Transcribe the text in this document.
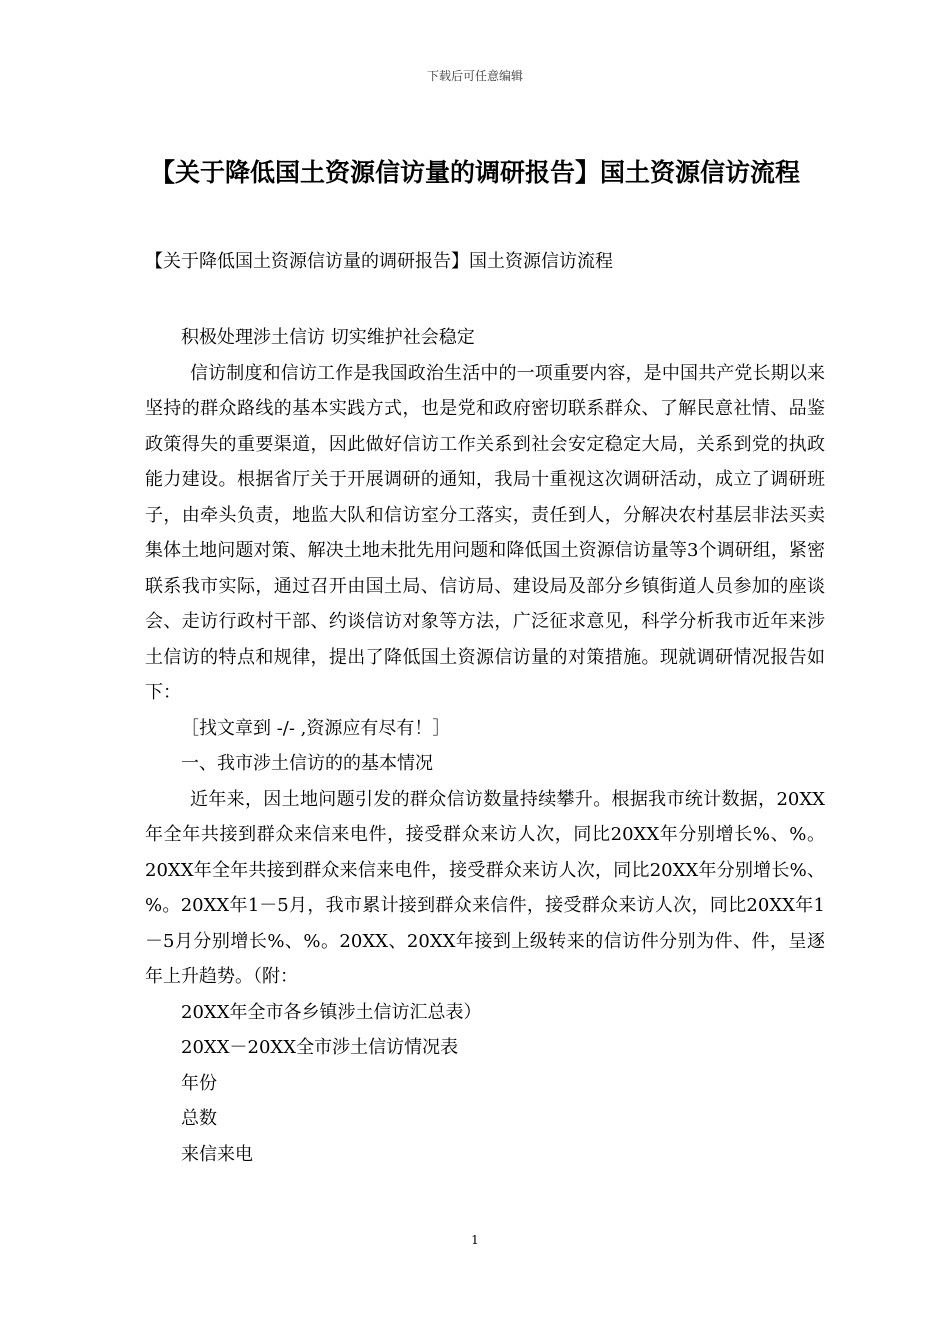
下载后可任意编辑
【关于降低国土资源信访量的调研报告】国土资源信访流程
【关于降低国土资源信访量的调研报告】国土资源信访流程

积极处理涉土信访 切实维护社会稳定

信访制度和信访工作是我国政治生活中的一项重要内容，是中国共产党长期以来坚持的群众路线的基本实践方式，也是党和政府密切联系群众、了解民意社情、品鉴政策得失的重要渠道，因此做好信访工作关系到社会安定稳定大局，关系到党的执政能力建设。根据省厅关于开展调研的通知，我局十重视这次调研活动，成立了调研班子，由牵头负责，地监大队和信访室分工落实，责任到人，分解决农村基层非法买卖集体土地问题对策、解决土地未批先用问题和降低国土资源信访量等3个调研组，紧密联系我市实际，通过召开由国土局、信访局、建设局及部分乡镇街道人员参加的座谈会、走访行政村干部、约谈信访对象等方法，广泛征求意见，科学分析我市近年来涉土信访的特点和规律，提出了降低国土资源信访量的对策措施。现就调研情况报告如下：

［找文章到 -/- ,资源应有尽有！］

一、我市涉土信访的的基本情况

近年来，因土地问题引发的群众信访数量持续攀升。根据我市统计数据，20XX年全年共接到群众来信来电件，接受群众来访人次，同比20XX年分别增长%、%。20XX年全年共接到群众来信来电件，接受群众来访人次，同比20XX年分别增长%、%。20XX年1－5月，我市累计接到群众来信件，接受群众来访人次，同比20XX年1－5月分别增长%、%。20XX、20XX年接到上级转来的信访件分别为件、件，呈逐年上升趋势。（附：

20XX年全市各乡镇涉土信访汇总表）

20XX－20XX全市涉土信访情况表

年份

总数

来信来电

1
